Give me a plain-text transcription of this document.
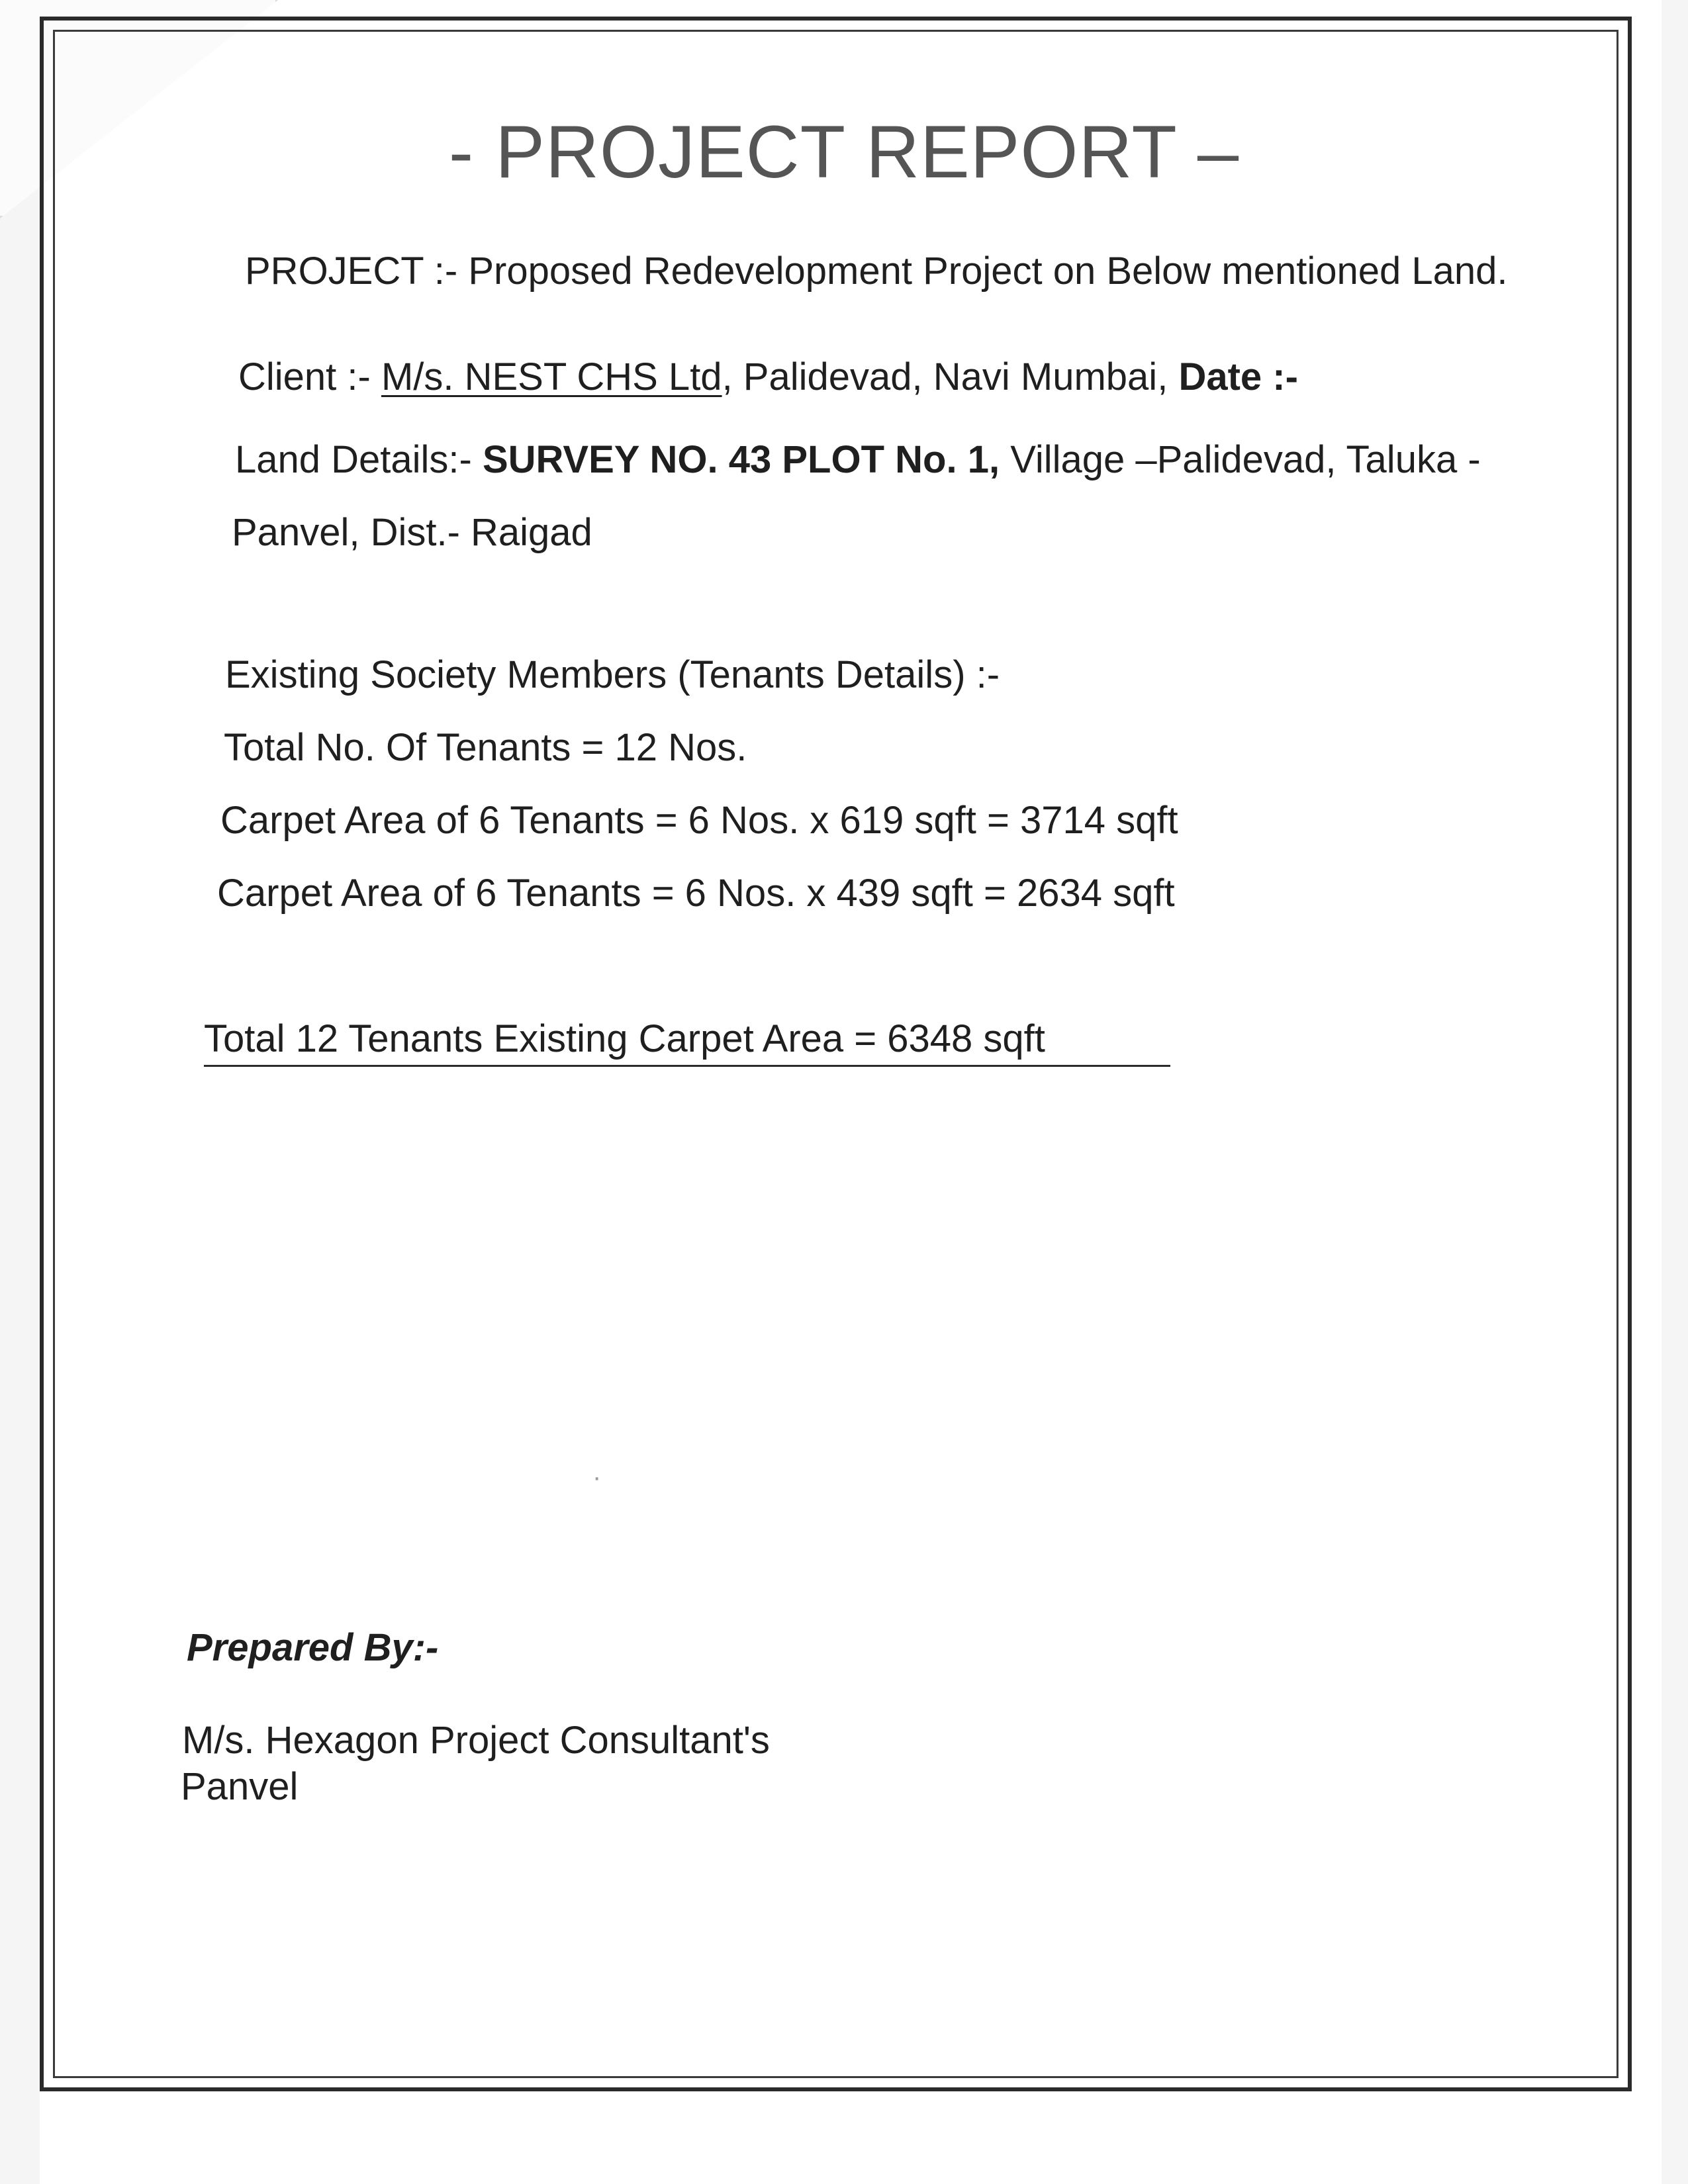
- PROJECT REPORT –
PROJECT :- Proposed Redevelopment Project on Below mentioned Land.
Client :- M/s. NEST CHS Ltd, Palidevad, Navi Mumbai, Date :-
Land Details:- SURVEY NO. 43 PLOT No. 1, Village –Palidevad, Taluka -
Panvel, Dist.- Raigad
Existing Society Members (Tenants Details) :-
Total No. Of Tenants = 12 Nos.
Carpet Area of 6 Tenants = 6 Nos. x 619 sqft = 3714 sqft
Carpet Area of 6 Tenants = 6 Nos. x 439 sqft = 2634 sqft
Total 12 Tenants Existing Carpet Area = 6348 sqft
Prepared By:-
M/s. Hexagon Project Consultant's
Panvel
·
